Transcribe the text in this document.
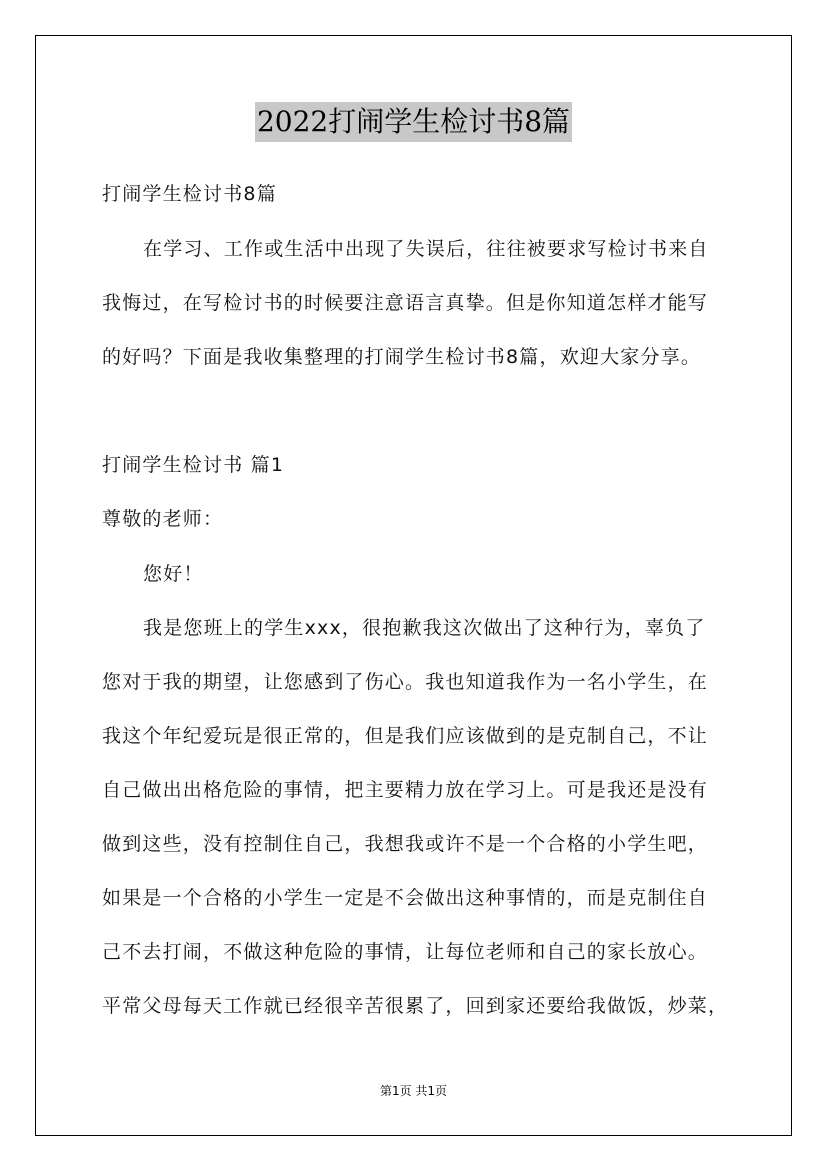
2022打闹学生检讨书8篇
打闹学生检讨书8篇
在学习、工作或生活中出现了失误后，往往被要求写检讨书来自
我悔过，在写检讨书的时候要注意语言真挚。但是你知道怎样才能写
的好吗？下面是我收集整理的打闹学生检讨书8篇，欢迎大家分享。
打闹学生检讨书 篇1
尊敬的老师：
您好！
我是您班上的学生xxx，很抱歉我这次做出了这种行为，辜负了
您对于我的期望，让您感到了伤心。我也知道我作为一名小学生，在
我这个年纪爱玩是很正常的，但是我们应该做到的是克制自己，不让
自己做出出格危险的事情，把主要精力放在学习上。可是我还是没有
做到这些，没有控制住自己，我想我或许不是一个合格的小学生吧，
如果是一个合格的小学生一定是不会做出这种事情的，而是克制住自
己不去打闹，不做这种危险的事情，让每位老师和自己的家长放心。
平常父母每天工作就已经很辛苦很累了，回到家还要给我做饭，炒菜，
第1页 共1页
